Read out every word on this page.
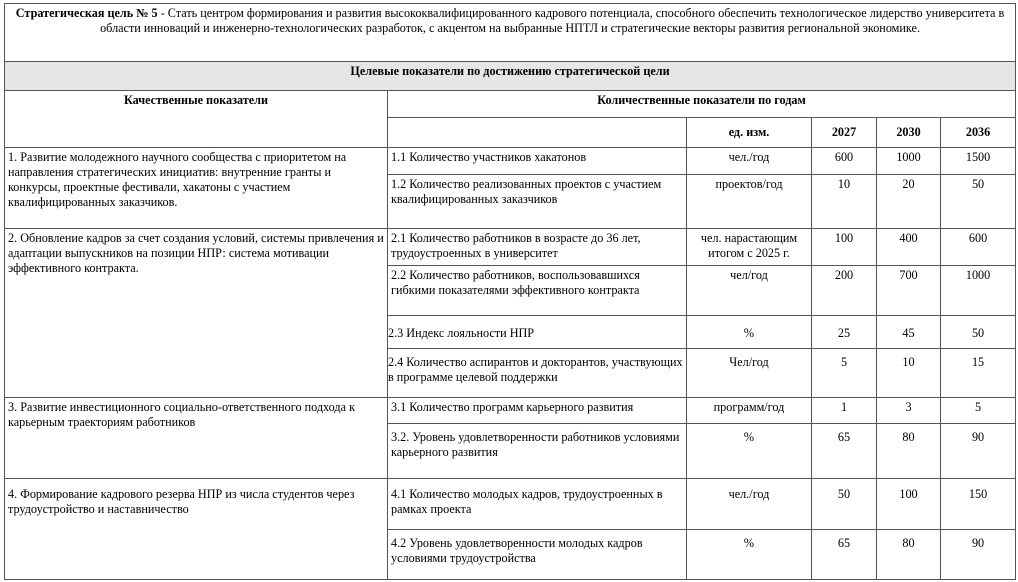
Стратегическая цель № 5 - Стать центром формирования и развития высококвалифицированного кадрового потенциала, способного обеспечить технологическое лидерство университета в области инноваций и инженерно-технологических разработок, с акцентом на выбранные НПТЛ и стратегические векторы развития региональной экономике.					
Целевые показатели по достижению стратегической цели					
Качественные показатели	Количественные показатели по годам				
		ед. изм.	2027	2030	2036
1. Развитие молодежного научного сообщества с приоритетом на направления стратегических инициатив: внутренние гранты и конкурсы, проектные фестивали, хакатоны с участием квалифицированных заказчиков.	1.1 Количество участников хакатонов	чел./год	600	1000	1500
	1.2 Количество реализованных проектов с участием квалифицированных заказчиков	проектов/год	10	20	50
2. Обновление кадров за счет создания условий, системы привлечения и адаптации выпускников на позиции НПР: система мотивации эффективного контракта.	2.1 Количество работников в возрасте до 36 лет, трудоустроенных в университет	чел. нарастающим итогом с 2025 г.	100	400	600
	2.2 Количество работников, воспользовавшихся гибкими показателями эффективного контракта	чел/год	200	700	1000
	2.3 Индекс лояльности НПР	%	25	45	50
	2.4 Количество аспирантов и докторантов, участвующих в программе целевой поддержки	Чел/год	5	10	15
3. Развитие инвестиционного социально-ответственного подхода к карьерным траекториям работников	3.1 Количество программ карьерного развития	программ/год	1	3	5
	3.2. Уровень удовлетворенности работников условиями карьерного развития	%	65	80	90
4. Формирование кадрового резерва НПР из числа студентов через трудоустройство и наставничество	4.1 Количество молодых кадров, трудоустроенных в рамках проекта	чел./год	50	100	150
	4.2 Уровень удовлетворенности молодых кадров условиями трудоустройства	%	65	80	90
